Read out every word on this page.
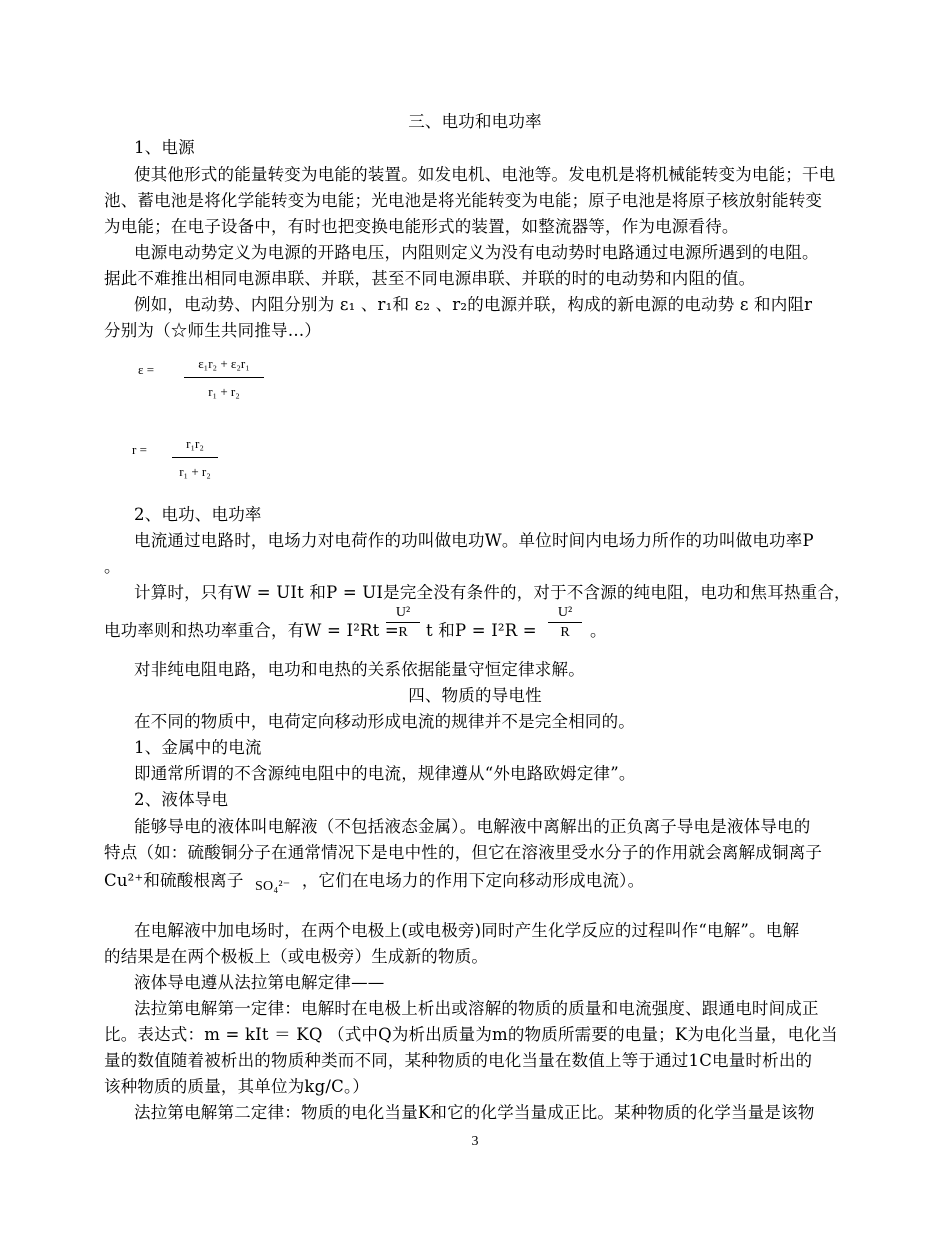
三、电功和电功率
1、电源
使其他形式的能量转变为电能的装置。如发电机、电池等。发电机是将机械能转变为电能；干电
池、蓄电池是将化学能转变为电能；光电池是将光能转变为电能；原子电池是将原子核放射能转变
为电能；在电子设备中，有时也把变换电能形式的装置，如整流器等，作为电源看待。
电源电动势定义为电源的开路电压，内阻则定义为没有电动势时电路通过电源所遇到的电阻。
据此不难推出相同电源串联、并联，甚至不同电源串联、并联的时的电动势和内阻的值。
例如，电动势、内阻分别为 ε₁ 、r₁和 ε₂ 、r₂的电源并联，构成的新电源的电动势 ε 和内阻r
分别为（☆师生共同推导…）
ε =	ε₁r₂ + ε₂r₁
r₁ + r₂
r =	r₁r₂
r₁ + r₂
2、电功、电功率
电流通过电路时，电场力对电荷作的功叫做电功W。单位时间内电场力所作的功叫做电功率P
。
计算时，只有W = UIt 和P = UI是完全没有条件的，对于不含源的纯电阻，电功和焦耳热重合，
电功率则和热功率重合，有W = I²Rt =
U²
R	t 和P = I²R =
U²
R	。
对非纯电阻电路，电功和电热的关系依据能量守恒定律求解。
四、物质的导电性
在不同的物质中，电荷定向移动形成电流的规律并不是完全相同的。
1、金属中的电流
即通常所谓的不含源纯电阻中的电流，规律遵从“外电路欧姆定律”。
2、液体导电
能够导电的液体叫电解液（不包括液态金属）。电解液中离解出的正负离子导电是液体导电的
特点（如：硫酸铜分子在通常情况下是电中性的，但它在溶液里受水分子的作用就会离解成铜离子
Cu²⁺和硫酸根离子 $_{SO_4^{2-}}$ ，它们在电场力的作用下定向移动形成电流）。
在电解液中加电场时，在两个电极上(或电极旁)同时产生化学反应的过程叫作“电解”。电解
的结果是在两个极板上（或电极旁）生成新的物质。
液体导电遵从法拉第电解定律——
法拉第电解第一定律：电解时在电极上析出或溶解的物质的质量和电流强度、跟通电时间成正
比。表达式：m = kIt ＝ KQ （式中Q为析出质量为m的物质所需要的电量；K为电化当量，电化当
量的数值随着被析出的物质种类而不同，某种物质的电化当量在数值上等于通过1C电量时析出的
该种物质的质量，其单位为kg/C。）
法拉第电解第二定律：物质的电化当量K和它的化学当量成正比。某种物质的化学当量是该物
3
